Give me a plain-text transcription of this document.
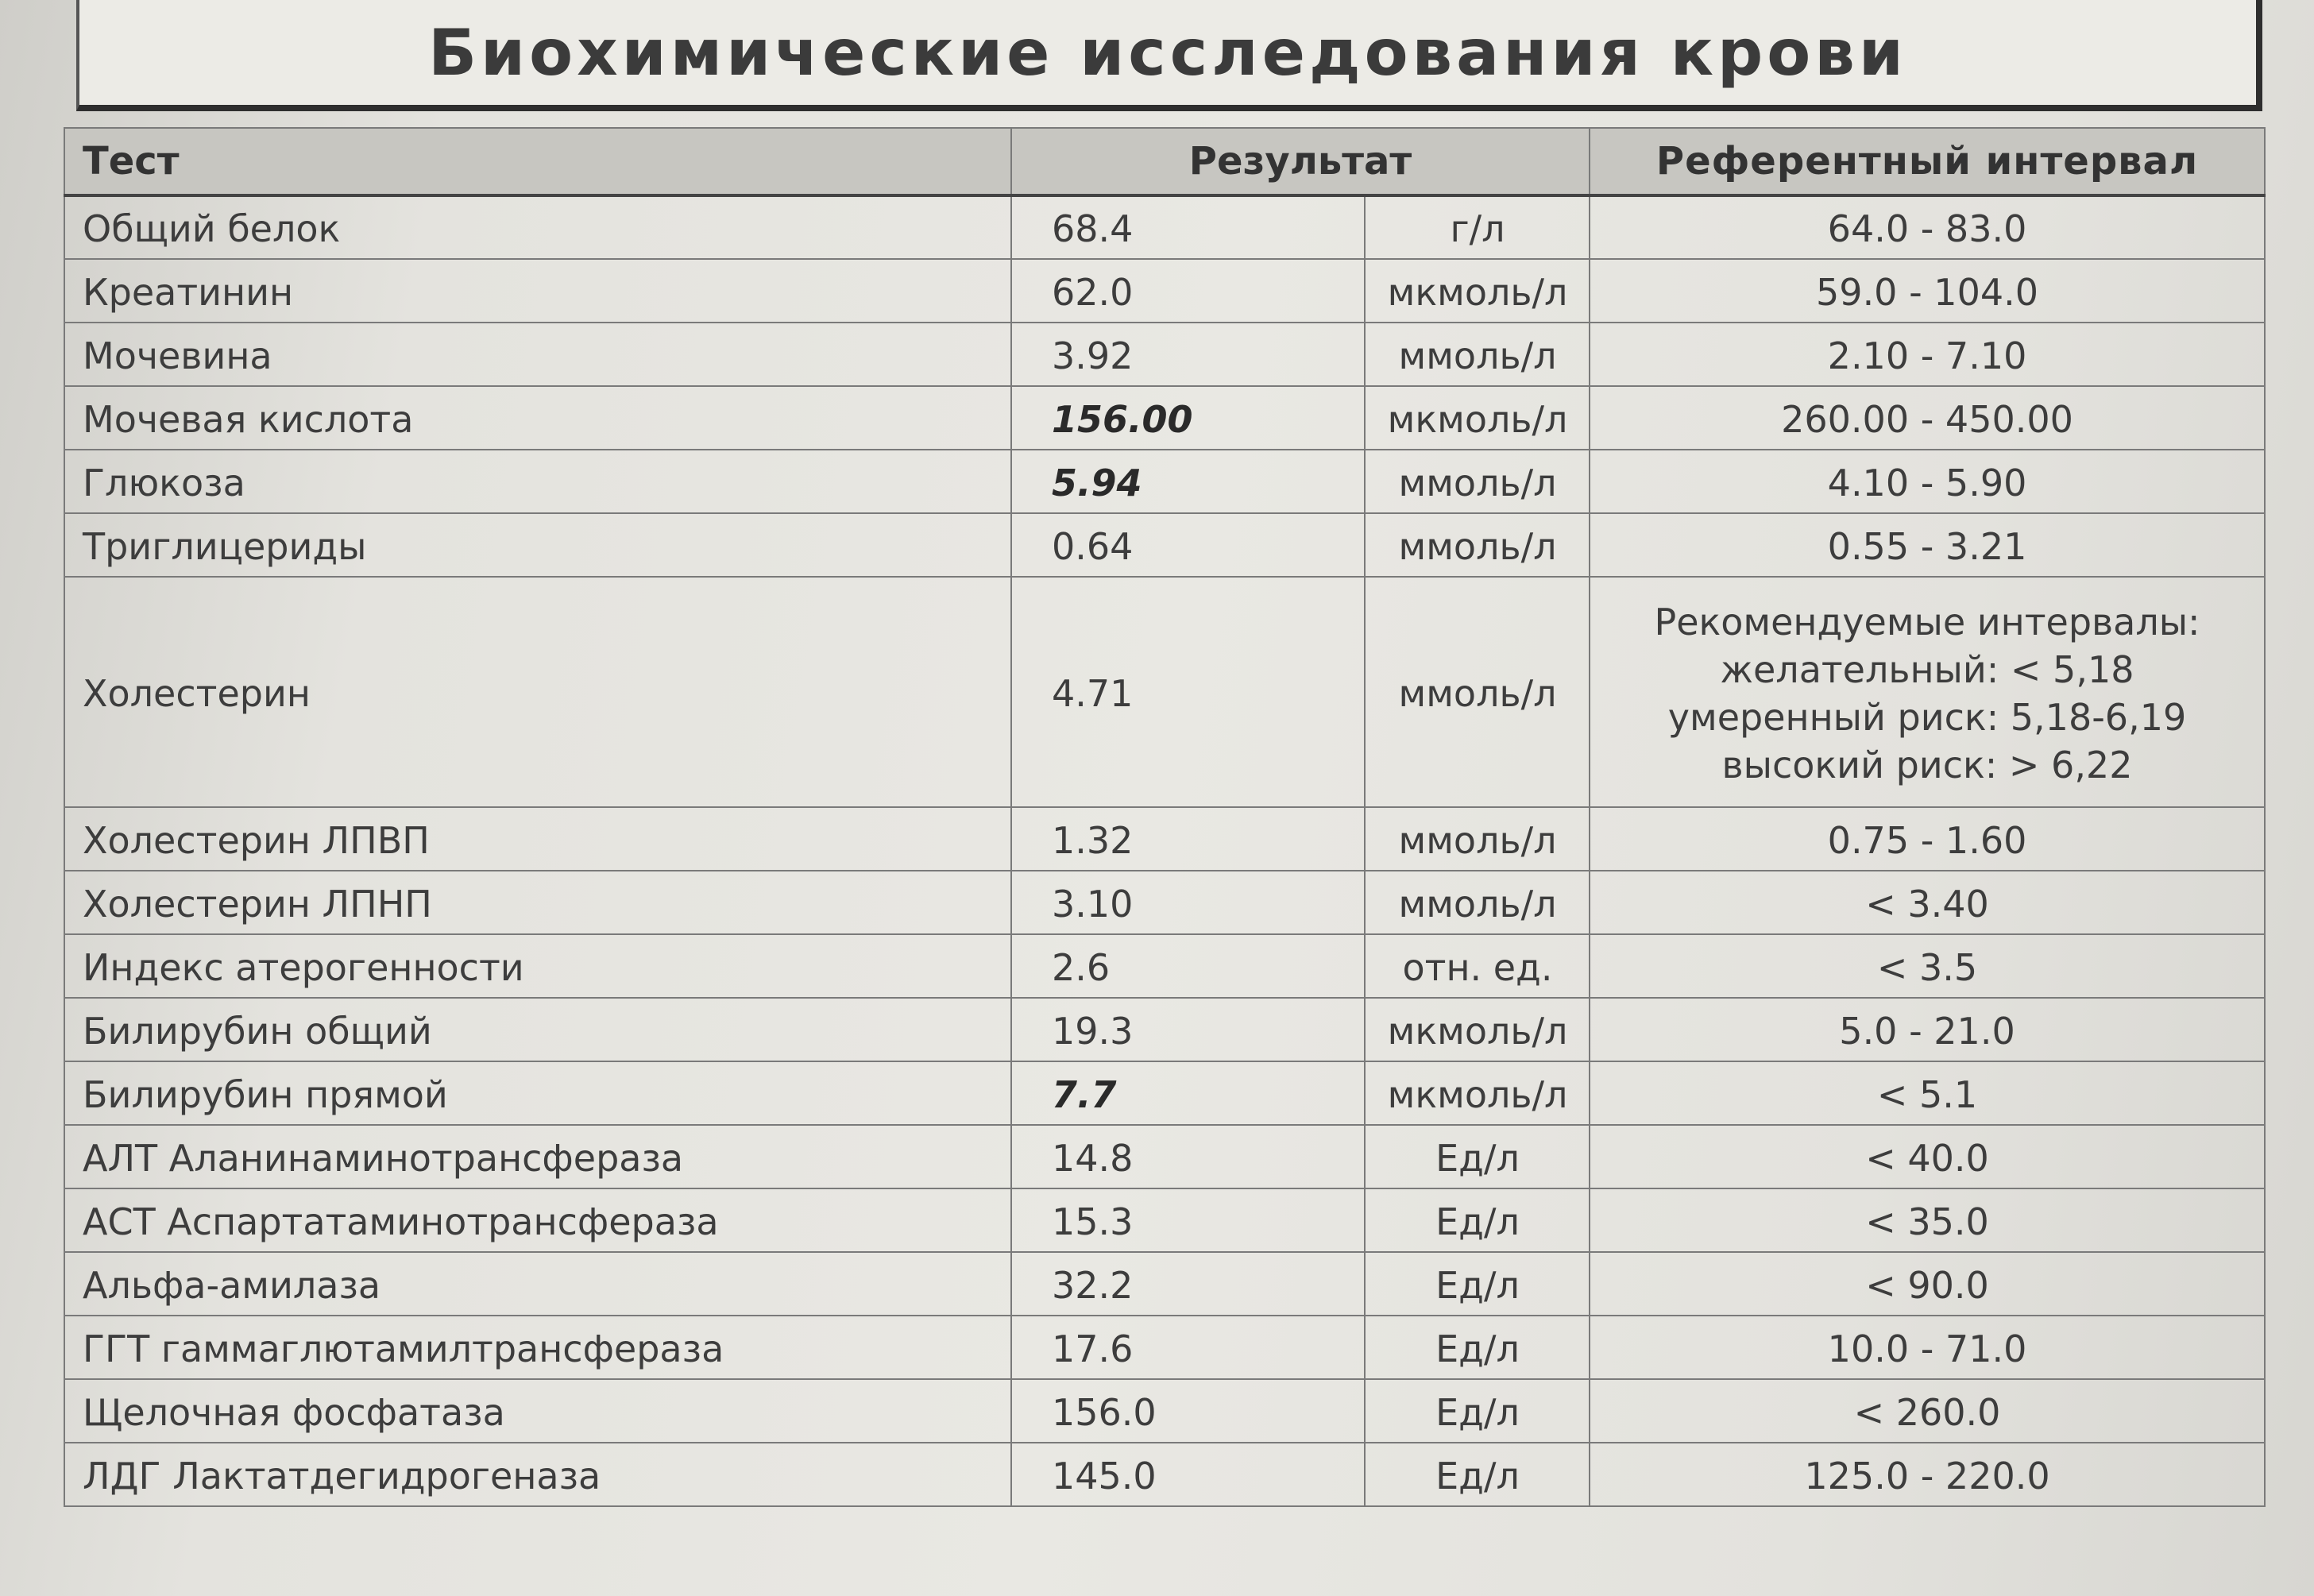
Биохимические исследования крови
Тест	Результат		Референтный интервал
Общий белок	68.4	г/л	64.0 - 83.0
Креатинин	62.0	мкмоль/л	59.0 - 104.0
Мочевина	3.92	ммоль/л	2.10 - 7.10
Мочевая кислота	156.00	мкмоль/л	260.00 - 450.00
Глюкоза	5.94	ммоль/л	4.10 - 5.90
Триглицериды	0.64	ммоль/л	0.55 - 3.21
Холестерин	4.71	ммоль/л	Рекомендуемые интервалы:
желательный: < 5,18
умеренный риск: 5,18-6,19
высокий риск: > 6,22

Холестерин ЛПВП	1.32	ммоль/л	0.75 - 1.60
Холестерин ЛПНП	3.10	ммоль/л	< 3.40
Индекс атерогенности	2.6	отн. ед.	< 3.5
Билирубин общий	19.3	мкмоль/л	5.0 - 21.0
Билирубин прямой	7.7	мкмоль/л	< 5.1
АЛТ Аланинаминотрансфераза	14.8	Ед/л	< 40.0
АСТ Аспартатаминотрансфераза	15.3	Ед/л	< 35.0
Альфа-амилаза	32.2	Ед/л	< 90.0
ГГТ гаммаглютамилтрансфераза	17.6	Ед/л	10.0 - 71.0
Щелочная фосфатаза	156.0	Ед/л	< 260.0
ЛДГ Лактатдегидрогеназа	145.0	Ед/л	125.0 - 220.0
